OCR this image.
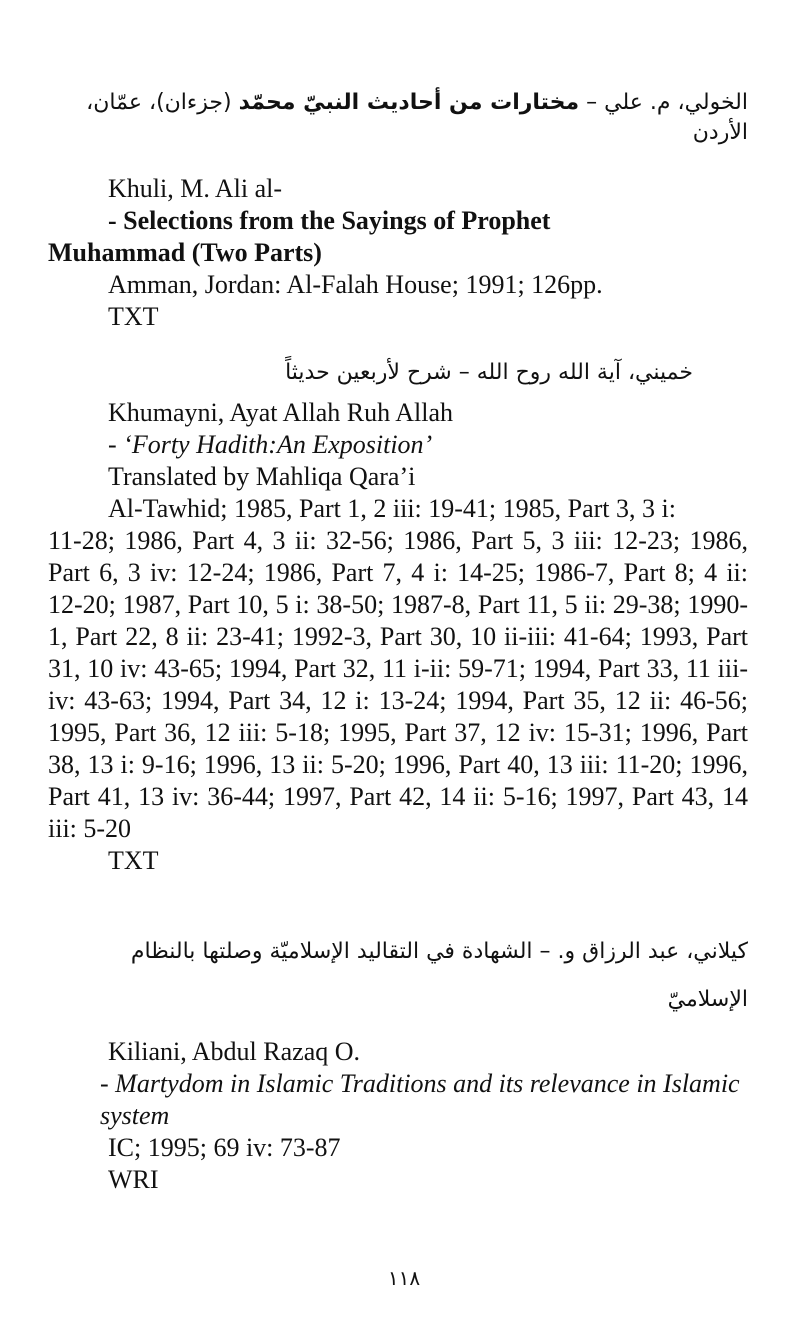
الخولي، م. علي – مختارات من أحاديث النبيّ محمّد (جزءان)، عمّان، الأردن
Khuli, M. Ali al-
- Selections from the Sayings of Prophet
Muhammad (Two Parts)
Amman, Jordan: Al-Falah House; 1991; 126pp.
TXT
خميني، آية الله روح الله – شرح لأربعين حديثاً
Khumayni, Ayat Allah Ruh Allah
- ‘Forty Hadith:An Exposition’
Translated by Mahliqa Qara’i
Al-Tawhid; 1985, Part 1, 2 iii: 19-41; 1985, Part 3, 3 i:
11-28; 1986, Part 4, 3 ii: 32-56; 1986, Part 5, 3 iii: 12-23; 1986, Part 6, 3 iv: 12-24; 1986, Part 7, 4 i: 14-25; 1986-7, Part 8; 4 ii: 12-20; 1987, Part 10, 5 i: 38-50; 1987-8, Part 11, 5 ii: 29-38; 1990-1, Part 22, 8 ii: 23-41; 1992-3, Part 30, 10 ii-iii: 41-64; 1993, Part 31, 10 iv: 43-65; 1994, Part 32, 11 i-ii: 59-71; 1994, Part 33, 11 iii-iv: 43-63; 1994, Part 34, 12 i: 13-24; 1994, Part 35, 12 ii: 46-56; 1995, Part 36, 12 iii: 5-18; 1995, Part 37, 12 iv: 15-31; 1996, Part 38, 13 i: 9-16; 1996, 13 ii: 5-20; 1996, Part 40, 13 iii: 11-20; 1996, Part 41, 13 iv: 36-44; 1997, Part 42, 14 ii: 5-16; 1997, Part 43, 14 iii: 5-20
TXT
كيلاني، عبد الرزاق و. – الشهادة في التقاليد الإسلاميّة وصلتها بالنظام الإسلاميّ
Kiliani, Abdul Razaq O.
- Martydom in Islamic Traditions and its relevance in Islamic system
IC; 1995; 69 iv: 73-87
WRI
١١٨
